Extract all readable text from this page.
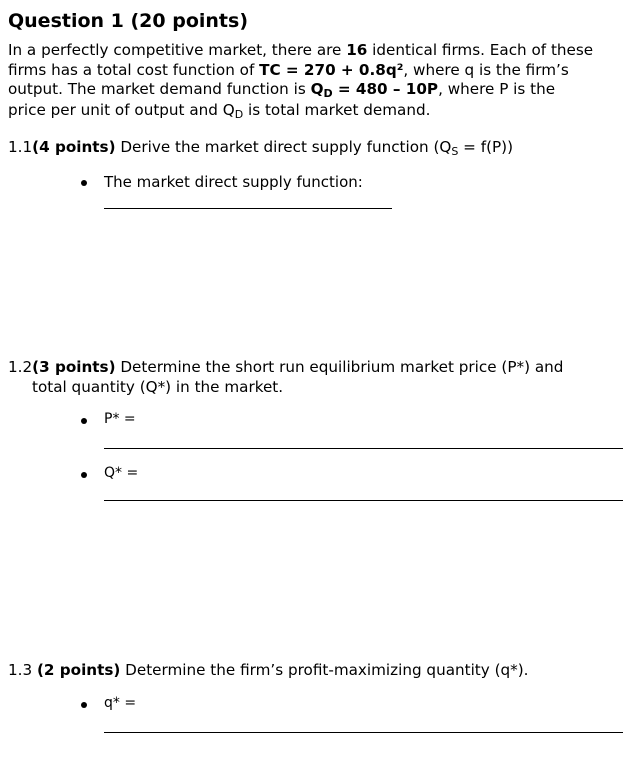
Question 1 (20 points)
In a perfectly competitive market, there are 16 identical firms. Each of these
firms has a total cost function of TC = 270 + 0.8q², where q is the firm’s
output. The market demand function is QD = 480 – 10P, where P is the
price per unit of output and QD is total market demand.
1.1(4 points) Derive the market direct supply function (QS = f(P))
The market direct supply function:
1.2(3 points) Determine the short run equilibrium market price (P*) and
total quantity (Q*) in the market.
P* =
Q* =
1.3 (2 points) Determine the firm’s profit-maximizing quantity (q*).
q* =
